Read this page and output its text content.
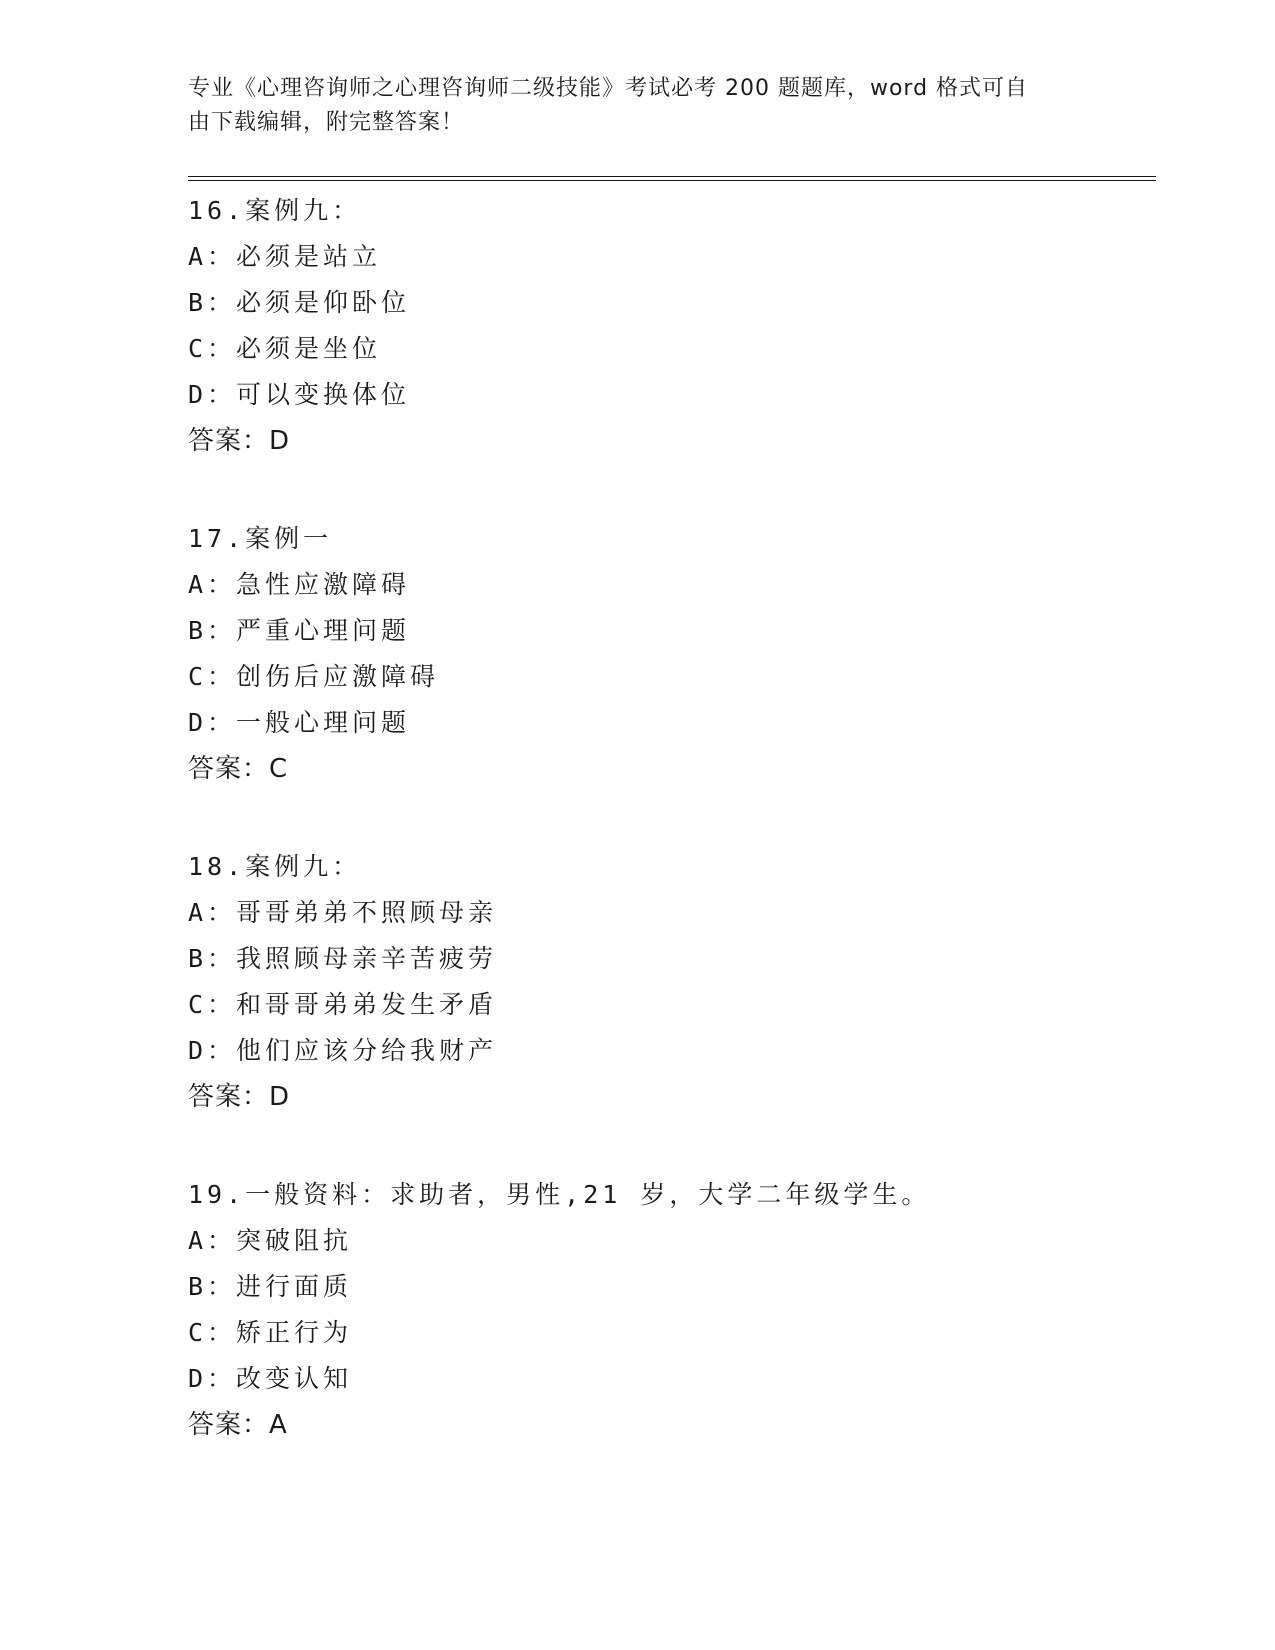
专业《心理咨询师之心理咨询师二级技能》考试必考 200 题题库，word 格式可自
由下载编辑，附完整答案！
16.案例九：
A：必须是站立
B：必须是仰卧位
C：必须是坐位
D：可以变换体位
答案：D
17.案例一
A：急性应激障碍
B：严重心理问题
C：创伤后应激障碍
D：一般心理问题
答案：C
18.案例九：
A：哥哥弟弟不照顾母亲
B：我照顾母亲辛苦疲劳
C：和哥哥弟弟发生矛盾
D：他们应该分给我财产
答案：D
19.一般资料：求助者，男性,21 岁，大学二年级学生。
A：突破阻抗
B：进行面质
C：矫正行为
D：改变认知
答案：A
